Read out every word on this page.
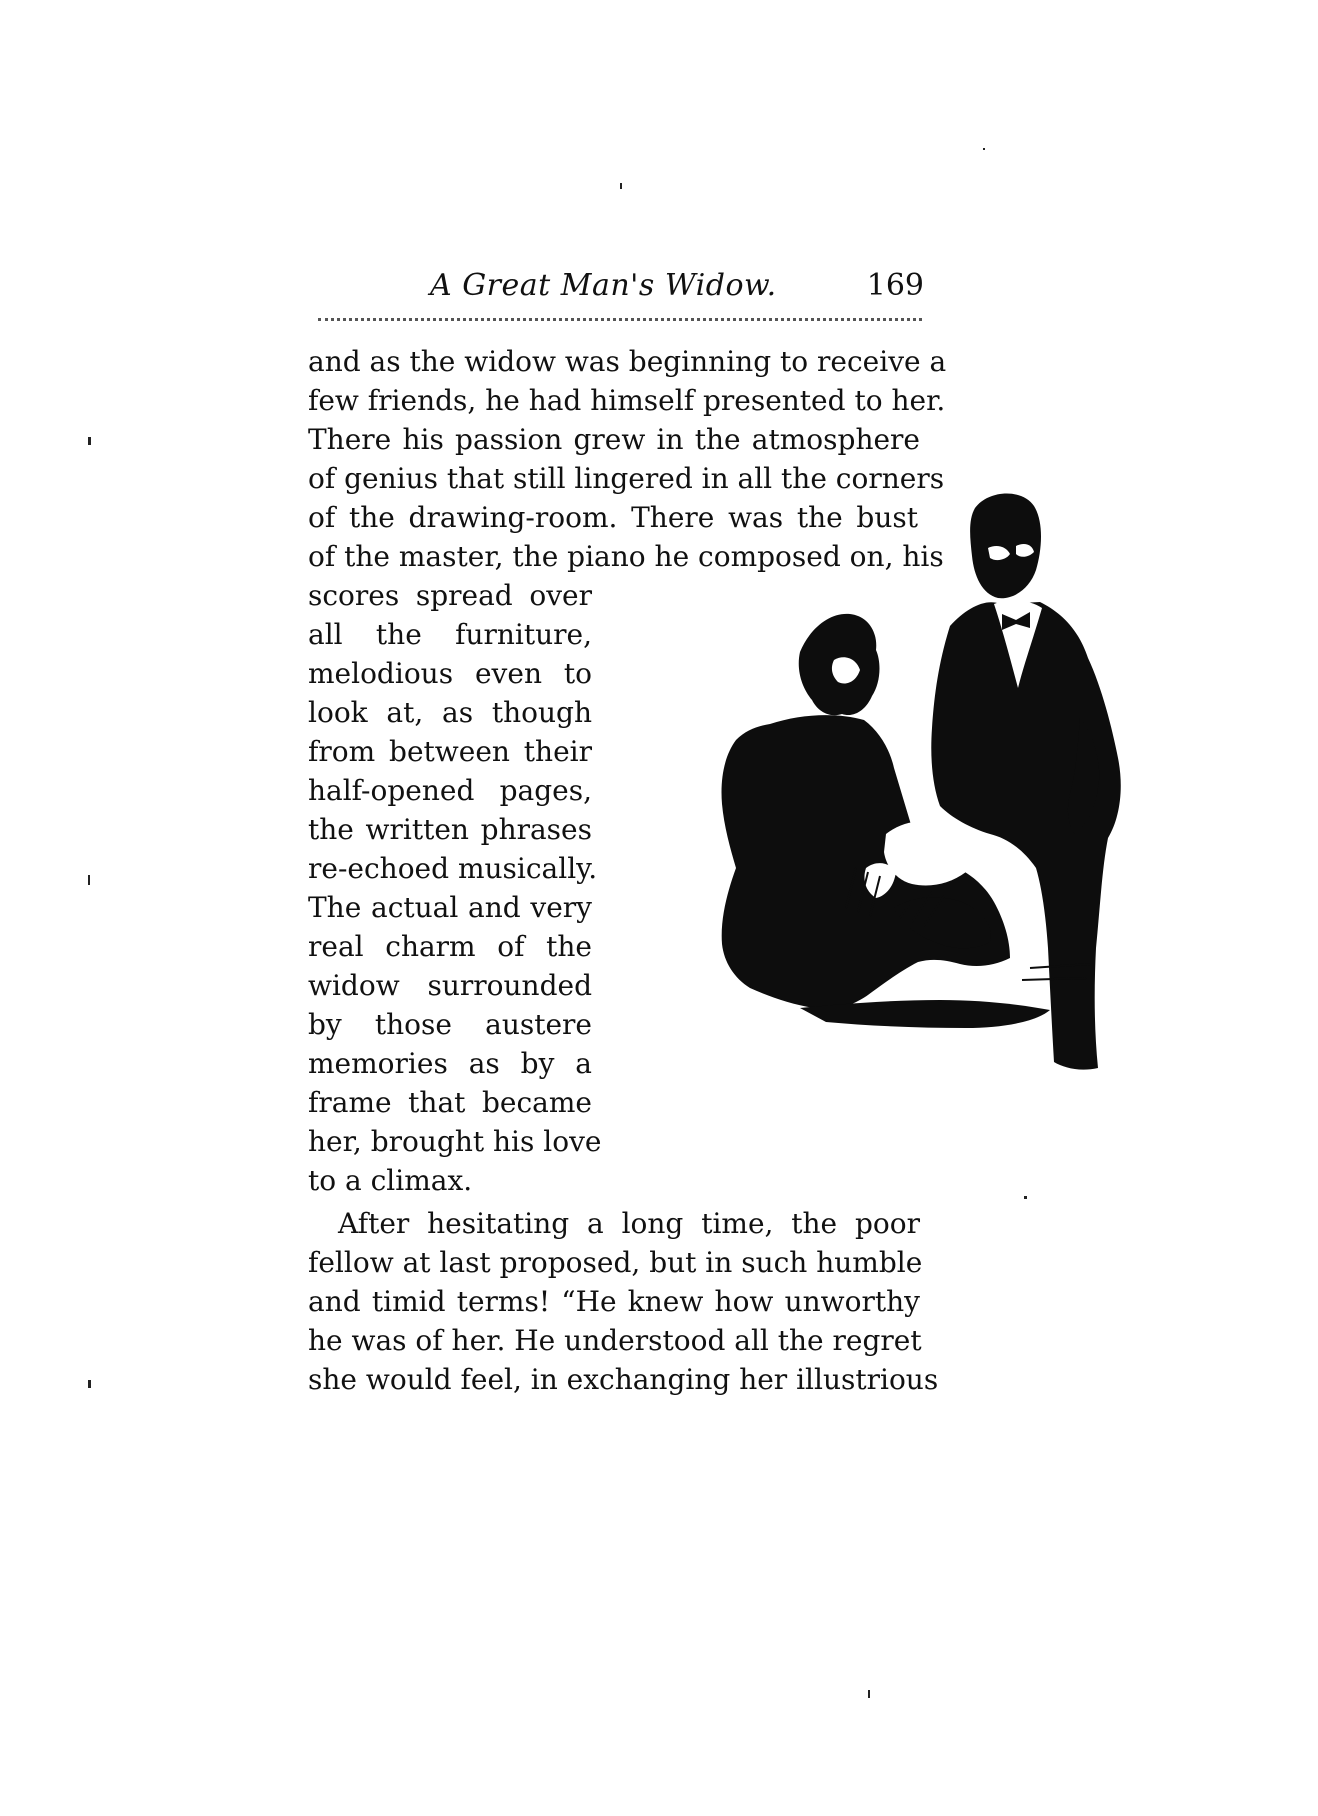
A Great Man's Widow.	169
and as the widow was beginning to receive a
few friends, he had himself presented to her.
There his passion grew in the atmosphere
of genius that still lingered in all the corners
of the drawing-room. There was the bust
of the master, the piano he composed on, his
scores spread over
all the furniture,
melodious even to
look at, as though
from between their
half-opened pages,
the written phrases
re-echoed musically.
The actual and very
real charm of the
widow surrounded
by those austere
memories as by a
frame that became
her, brought his love
to a climax.
After hesitating a long time, the poor
fellow at last proposed, but in such humble
and timid terms! “He knew how unworthy
he was of her. He understood all the regret
she would feel, in exchanging her illustrious
